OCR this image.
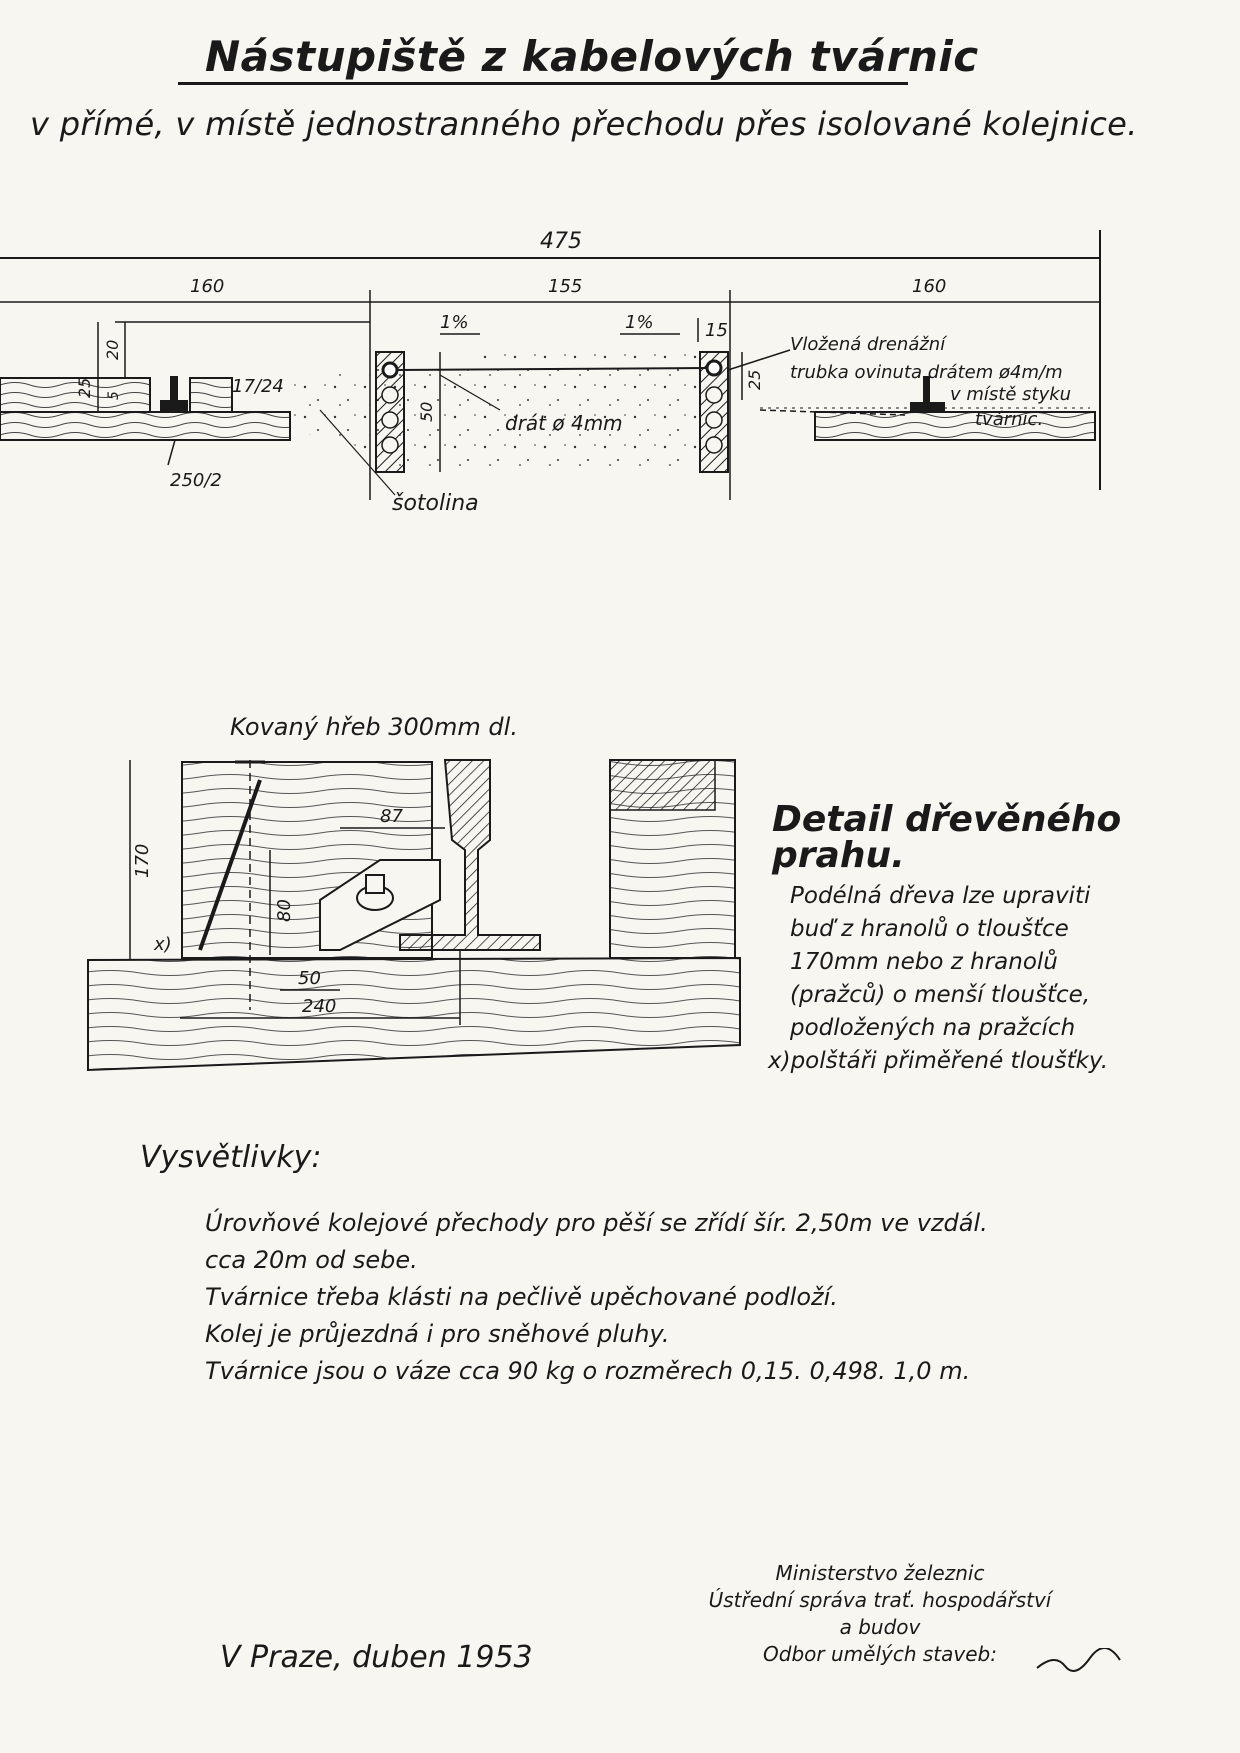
Nástupiště z kabelových tvárnic
v přímé, v místě jednostranného přechodu přes isolované kolejnice.
475
160	155	160
1%	1%	15
25
20
5	17/24
250/2
drát ø 4mm
50
šotolina
25
Vložená drenážní
trubka ovinuta drátem ø4m/m
v místě styku
tvárnic.
Kovaný hřeb 300mm dl.
170
87
80
50
240
x)
Detail dřevěného prahu.
Podélná dřeva lze upraviti
buď z hranolů o tloušťce
170mm nebo z hranolů
(pražců) o menší tloušťce,
podložených na pražcích
x)polštáři přiměřené tloušťky.
Vysvětlivky:
Úrovňové kolejové přechody pro pěší se zřídí šír. 2,50m ve vzdál.
cca 20m od sebe.
Tvárnice třeba klásti na pečlivě upěchované podloží.
Kolej je průjezdná i pro sněhové pluhy.
Tvárnice jsou o váze cca 90 kg o rozměrech 0,15. 0,498. 1,0 m.
V Praze, duben 1953
Ministerstvo železnic
Ústřední správa trať. hospodářství
a budov
Odbor umělých staveb:
